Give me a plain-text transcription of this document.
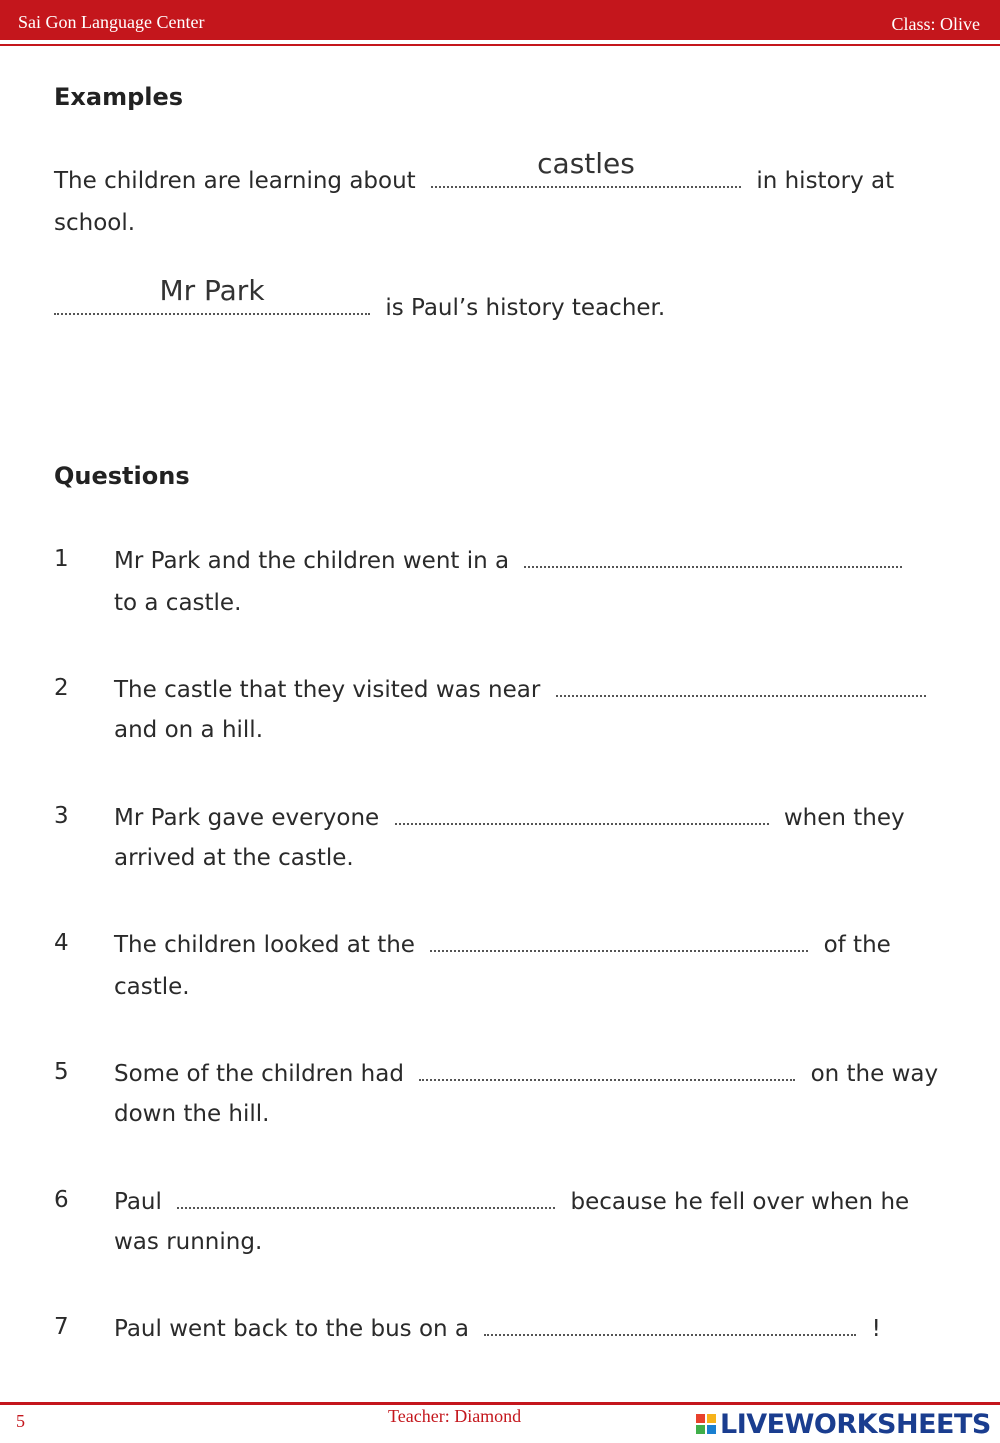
Sai Gon Language Center	Class: Olive
Examples
The children are learning about
castles
in history at
school.
Mr Park
is Paul’s history teacher.
Questions
1 Mr Park and the children went in a
to a castle.
2 The castle that they visited was near
and on a hill.
3 Mr Park gave everyone	when they
arrived at the castle.
4 The children looked at the	of the
castle.
5 Some of the children had	on the way
down the hill.
6 Paul	because he fell over when he
was running.
7 Paul went back to the bus on a	!
5	Teacher: Diamond	LIVEWORKSHEETS
